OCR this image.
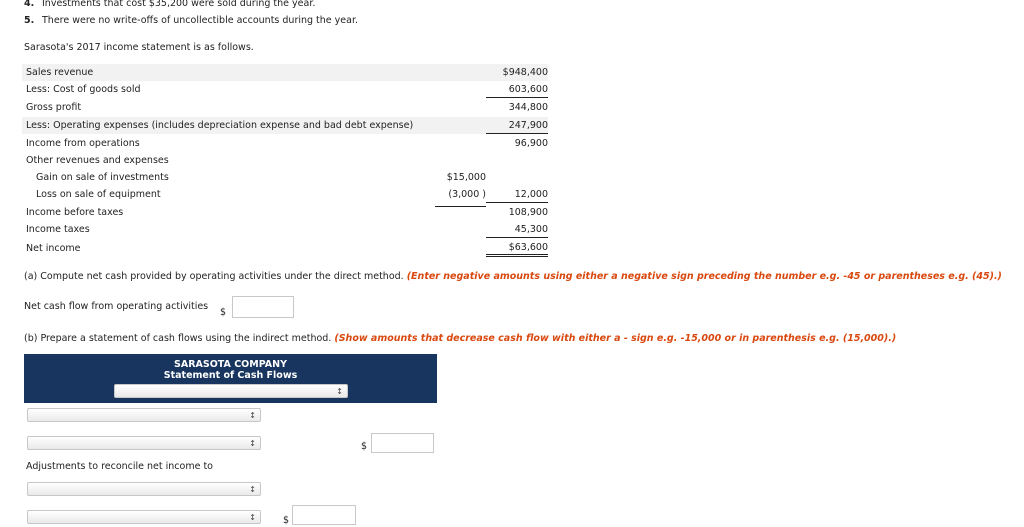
4. Investments that cost $35,200 were sold during the year.
5. There were no write-offs of uncollectible accounts during the year.
Sarasota's 2017 income statement is as follows.
Sales revenue	$948,400
Less: Cost of goods sold	603,600
Gross profit	344,800
Less: Operating expenses (includes depreciation expense and bad debt expense)	247,900
Income from operations	96,900
Other revenues and expenses
Gain on sale of investments	$15,000
Loss on sale of equipment	(3,000 )	12,000
Income before taxes	108,900
Income taxes	45,300
Net income	$63,600
(a) Compute net cash provided by operating activities under the direct method. (Enter negative amounts using either a negative sign preceding the number e.g. -45 or parentheses e.g. (45).)
Net cash flow from operating activities
$
(b) Prepare a statement of cash flows using the indirect method. (Show amounts that decrease cash flow with either a - sign e.g. -15,000 or in parenthesis e.g. (15,000).)
SARASOTA COMPANY
Statement of Cash Flows
↕
↕
↕	$
Adjustments to reconcile net income to
↕
↕	$
